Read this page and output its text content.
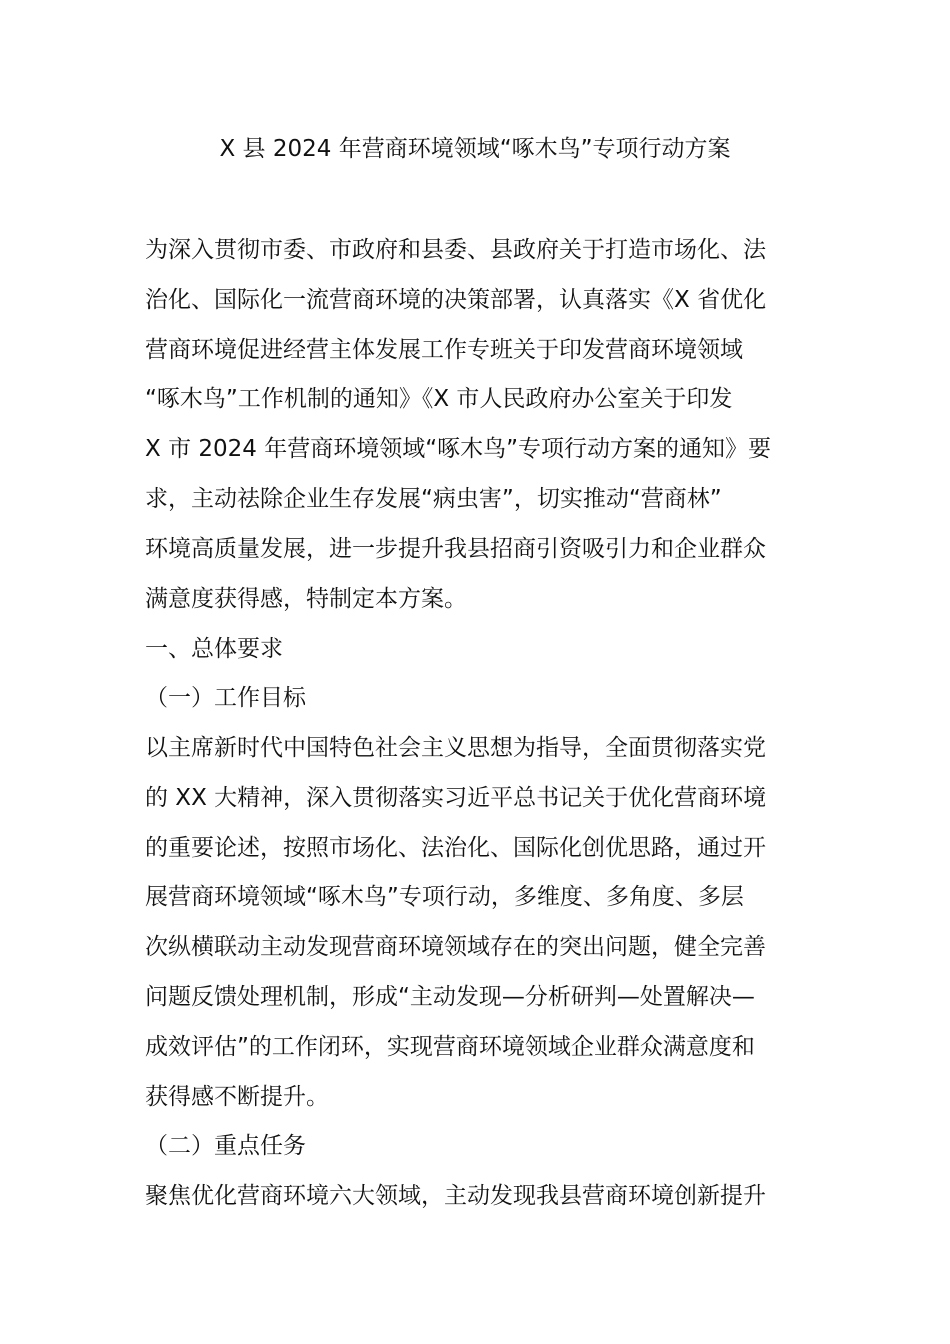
X 县 2024 年营商环境领域“啄木鸟”专项行动方案
为深入贯彻市委、市政府和县委、县政府关于打造市场化、法
治化、国际化一流营商环境的决策部署，认真落实《X 省优化
营商环境促进经营主体发展工作专班关于印发营商环境领域
“啄木鸟”工作机制的通知》《X 市人民政府办公室关于印发
X 市 2024 年营商环境领域“啄木鸟”专项行动方案的通知》要
求，主动祛除企业生存发展“病虫害”，切实推动“营商林”
环境高质量发展，进一步提升我县招商引资吸引力和企业群众
满意度获得感，特制定本方案。
一、总体要求
（一）工作目标
以主席新时代中国特色社会主义思想为指导，全面贯彻落实党
的 XX 大精神，深入贯彻落实习近平总书记关于优化营商环境
的重要论述，按照市场化、法治化、国际化创优思路，通过开
展营商环境领域“啄木鸟”专项行动，多维度、多角度、多层
次纵横联动主动发现营商环境领域存在的突出问题，健全完善
问题反馈处理机制，形成“主动发现—分析研判—处置解决—
成效评估”的工作闭环，实现营商环境领域企业群众满意度和
获得感不断提升。
（二）重点任务
聚焦优化营商环境六大领域，主动发现我县营商环境创新提升
